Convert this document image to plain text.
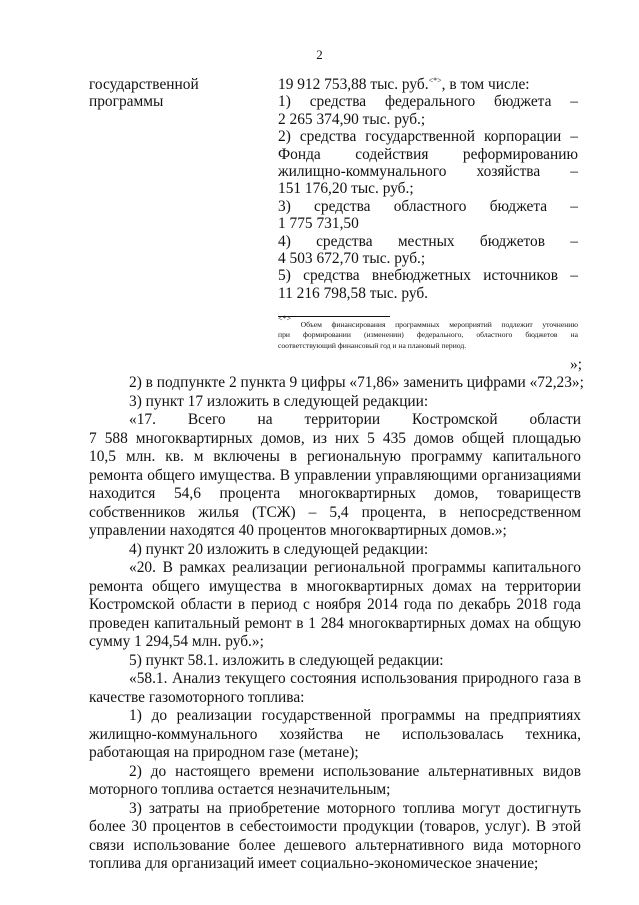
2
государственной
программы
19 912 753,88 тыс. руб.<*>, в том числе:
1) средства федерального бюджета –
2 265 374,90 тыс. руб.;
2) средства государственной корпорации –
Фонда содействия реформированию
жилищно-коммунального хозяйства –
151 176,20 тыс. руб.;
3) средства областного бюджета –
1 775 731,50
4) средства местных бюджетов –
4 503 672,70 тыс. руб.;
5) средства внебюджетных источников –
11 216 798,58 тыс. руб.
<*> Объем финансирования программных мероприятий подлежит уточнению
при формировании (изменении) федерального, областного бюджетов на
соответствующий финансовый год и на плановый период.
»;
2) в подпункте 2 пункта 9 цифры «71,86» заменить цифрами «72,23»;
3) пункт 17 изложить в следующей редакции:
«17. Всего на территории Костромской области
7 588 многоквартирных домов, из них 5 435 домов общей площадью
10,5 млн. кв. м включены в региональную программу капитального
ремонта общего имущества. В управлении управляющими организациями
находится 54,6 процента многоквартирных домов, товариществ
собственников жилья (ТСЖ) – 5,4 процента, в непосредственном
управлении находятся 40 процентов многоквартирных домов.»;
4) пункт 20 изложить в следующей редакции:
«20. В рамках реализации региональной программы капитального
ремонта общего имущества в многоквартирных домах на территории
Костромской области в период с ноября 2014 года по декабрь 2018 года
проведен капитальный ремонт в 1 284 многоквартирных домах на общую
сумму 1 294,54 млн. руб.»;
5) пункт 58.1. изложить в следующей редакции:
«58.1. Анализ текущего состояния использования природного газа в
качестве газомоторного топлива:
1) до реализации государственной программы на предприятиях
жилищно-коммунального хозяйства не использовалась техника,
работающая на природном газе (метане);
2) до настоящего времени использование альтернативных видов
моторного топлива остается незначительным;
3) затраты на приобретение моторного топлива могут достигнуть
более 30 процентов в себестоимости продукции (товаров, услуг). В этой
связи использование более дешевого альтернативного вида моторного
топлива для организаций имеет социально-экономическое значение;
